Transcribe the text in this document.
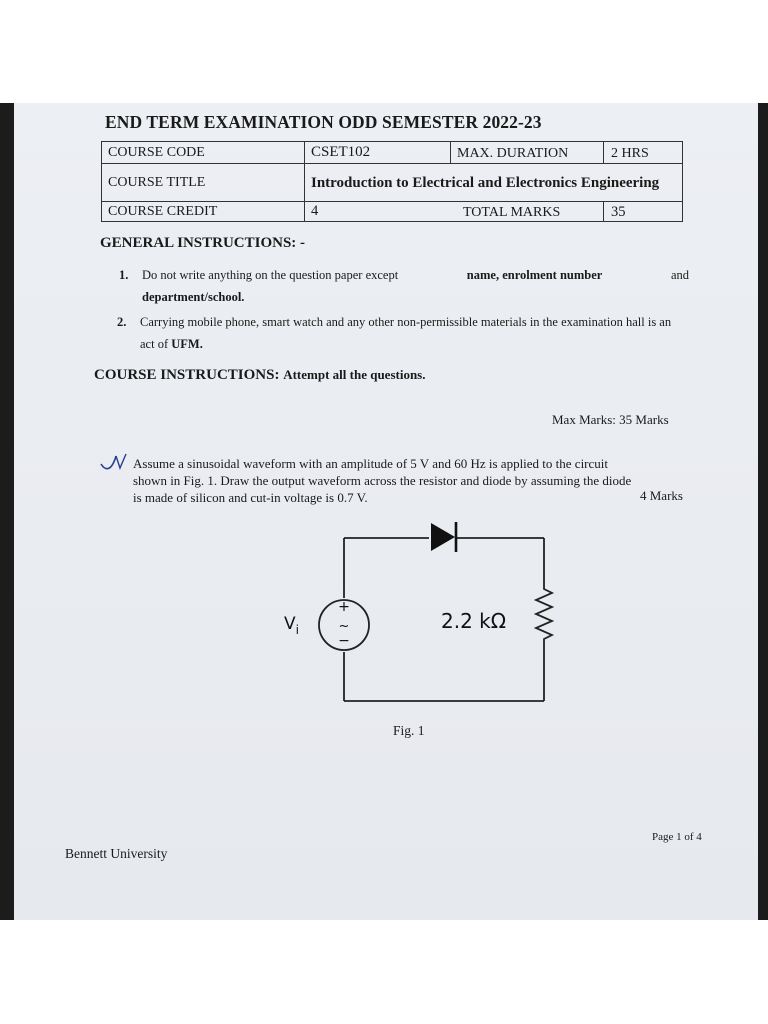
END TERM EXAMINATION ODD SEMESTER 2022-23
COURSE CODE	CSET102 MAX. DURATION 2 HRS

COURSE TITLE	Introduction to Electrical and Electronics Engineering
COURSE CREDIT	4 TOTAL MARKS 35
GENERAL INSTRUCTIONS: -
1. Do not write anything on the question paper except	name, enrolment number	and
department/school.
2. Carrying mobile phone, smart watch and any other non-permissible materials in the examination hall is an act of UFM.
COURSE INSTRUCTIONS: Attempt all the questions.
Max Marks: 35 Marks
Assume a sinusoidal waveform with an amplitude of 5 V and 60 Hz is applied to the circuit
shown in Fig. 1. Draw the output waveform across the resistor and diode by assuming the diode
is made of silicon and cut-in voltage is 0.7 V.	4 Marks
+
~
−
$V_i$	2.2 kΩ
Fig. 1
Bennett University
Page 1 of 4
